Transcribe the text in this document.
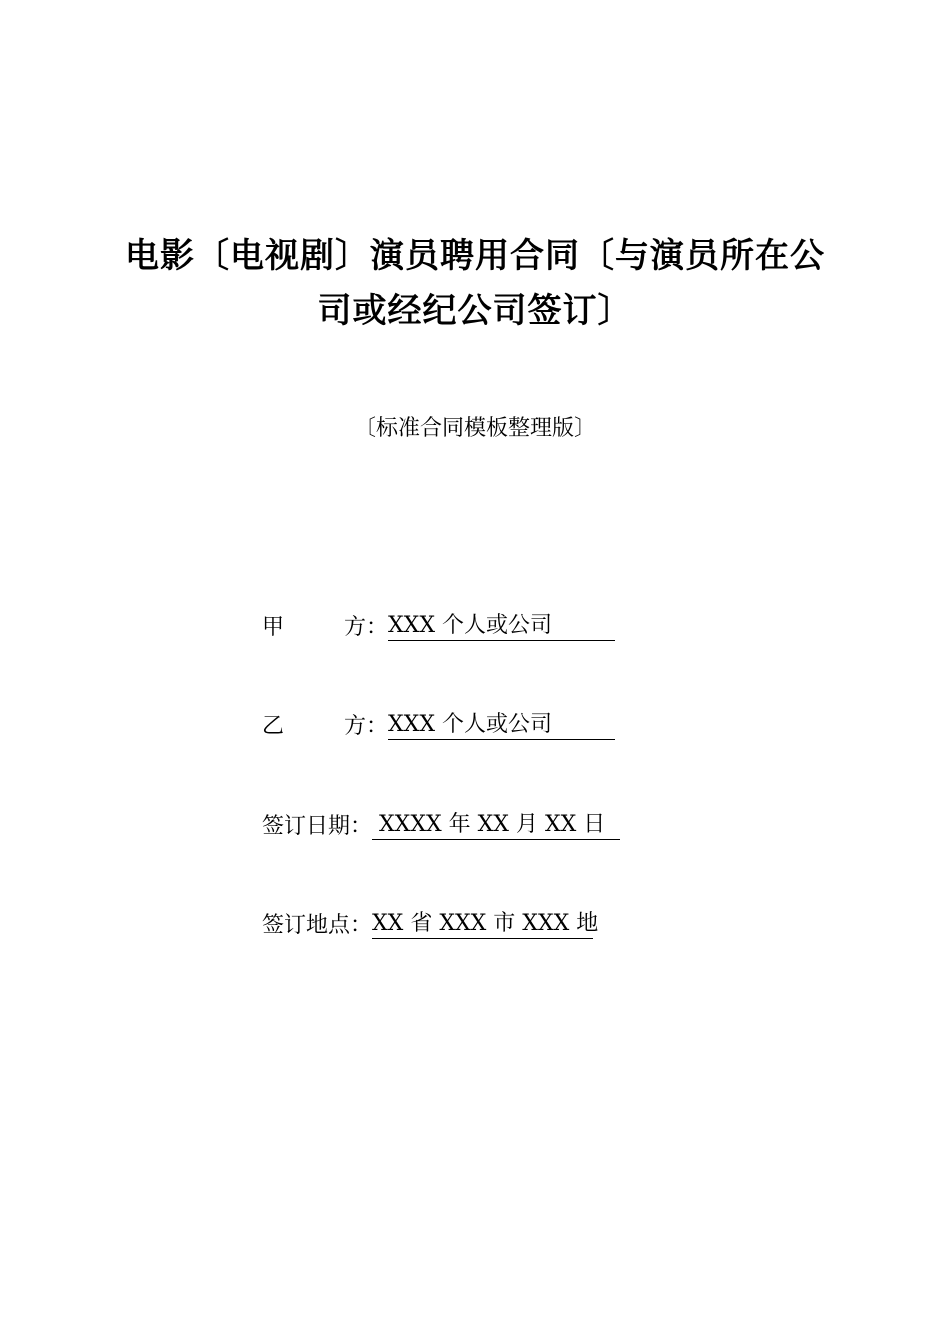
电影〔电视剧〕演员聘用合同〔与演员所在公
司或经纪公司签订〕
〔标准合同模板整理版〕
甲	方： XXX 个人或公司
乙	方： XXX 个人或公司
签订日期： XXXX 年 XX 月 XX 日
签订地点： XX 省 XXX 市 XXX 地
